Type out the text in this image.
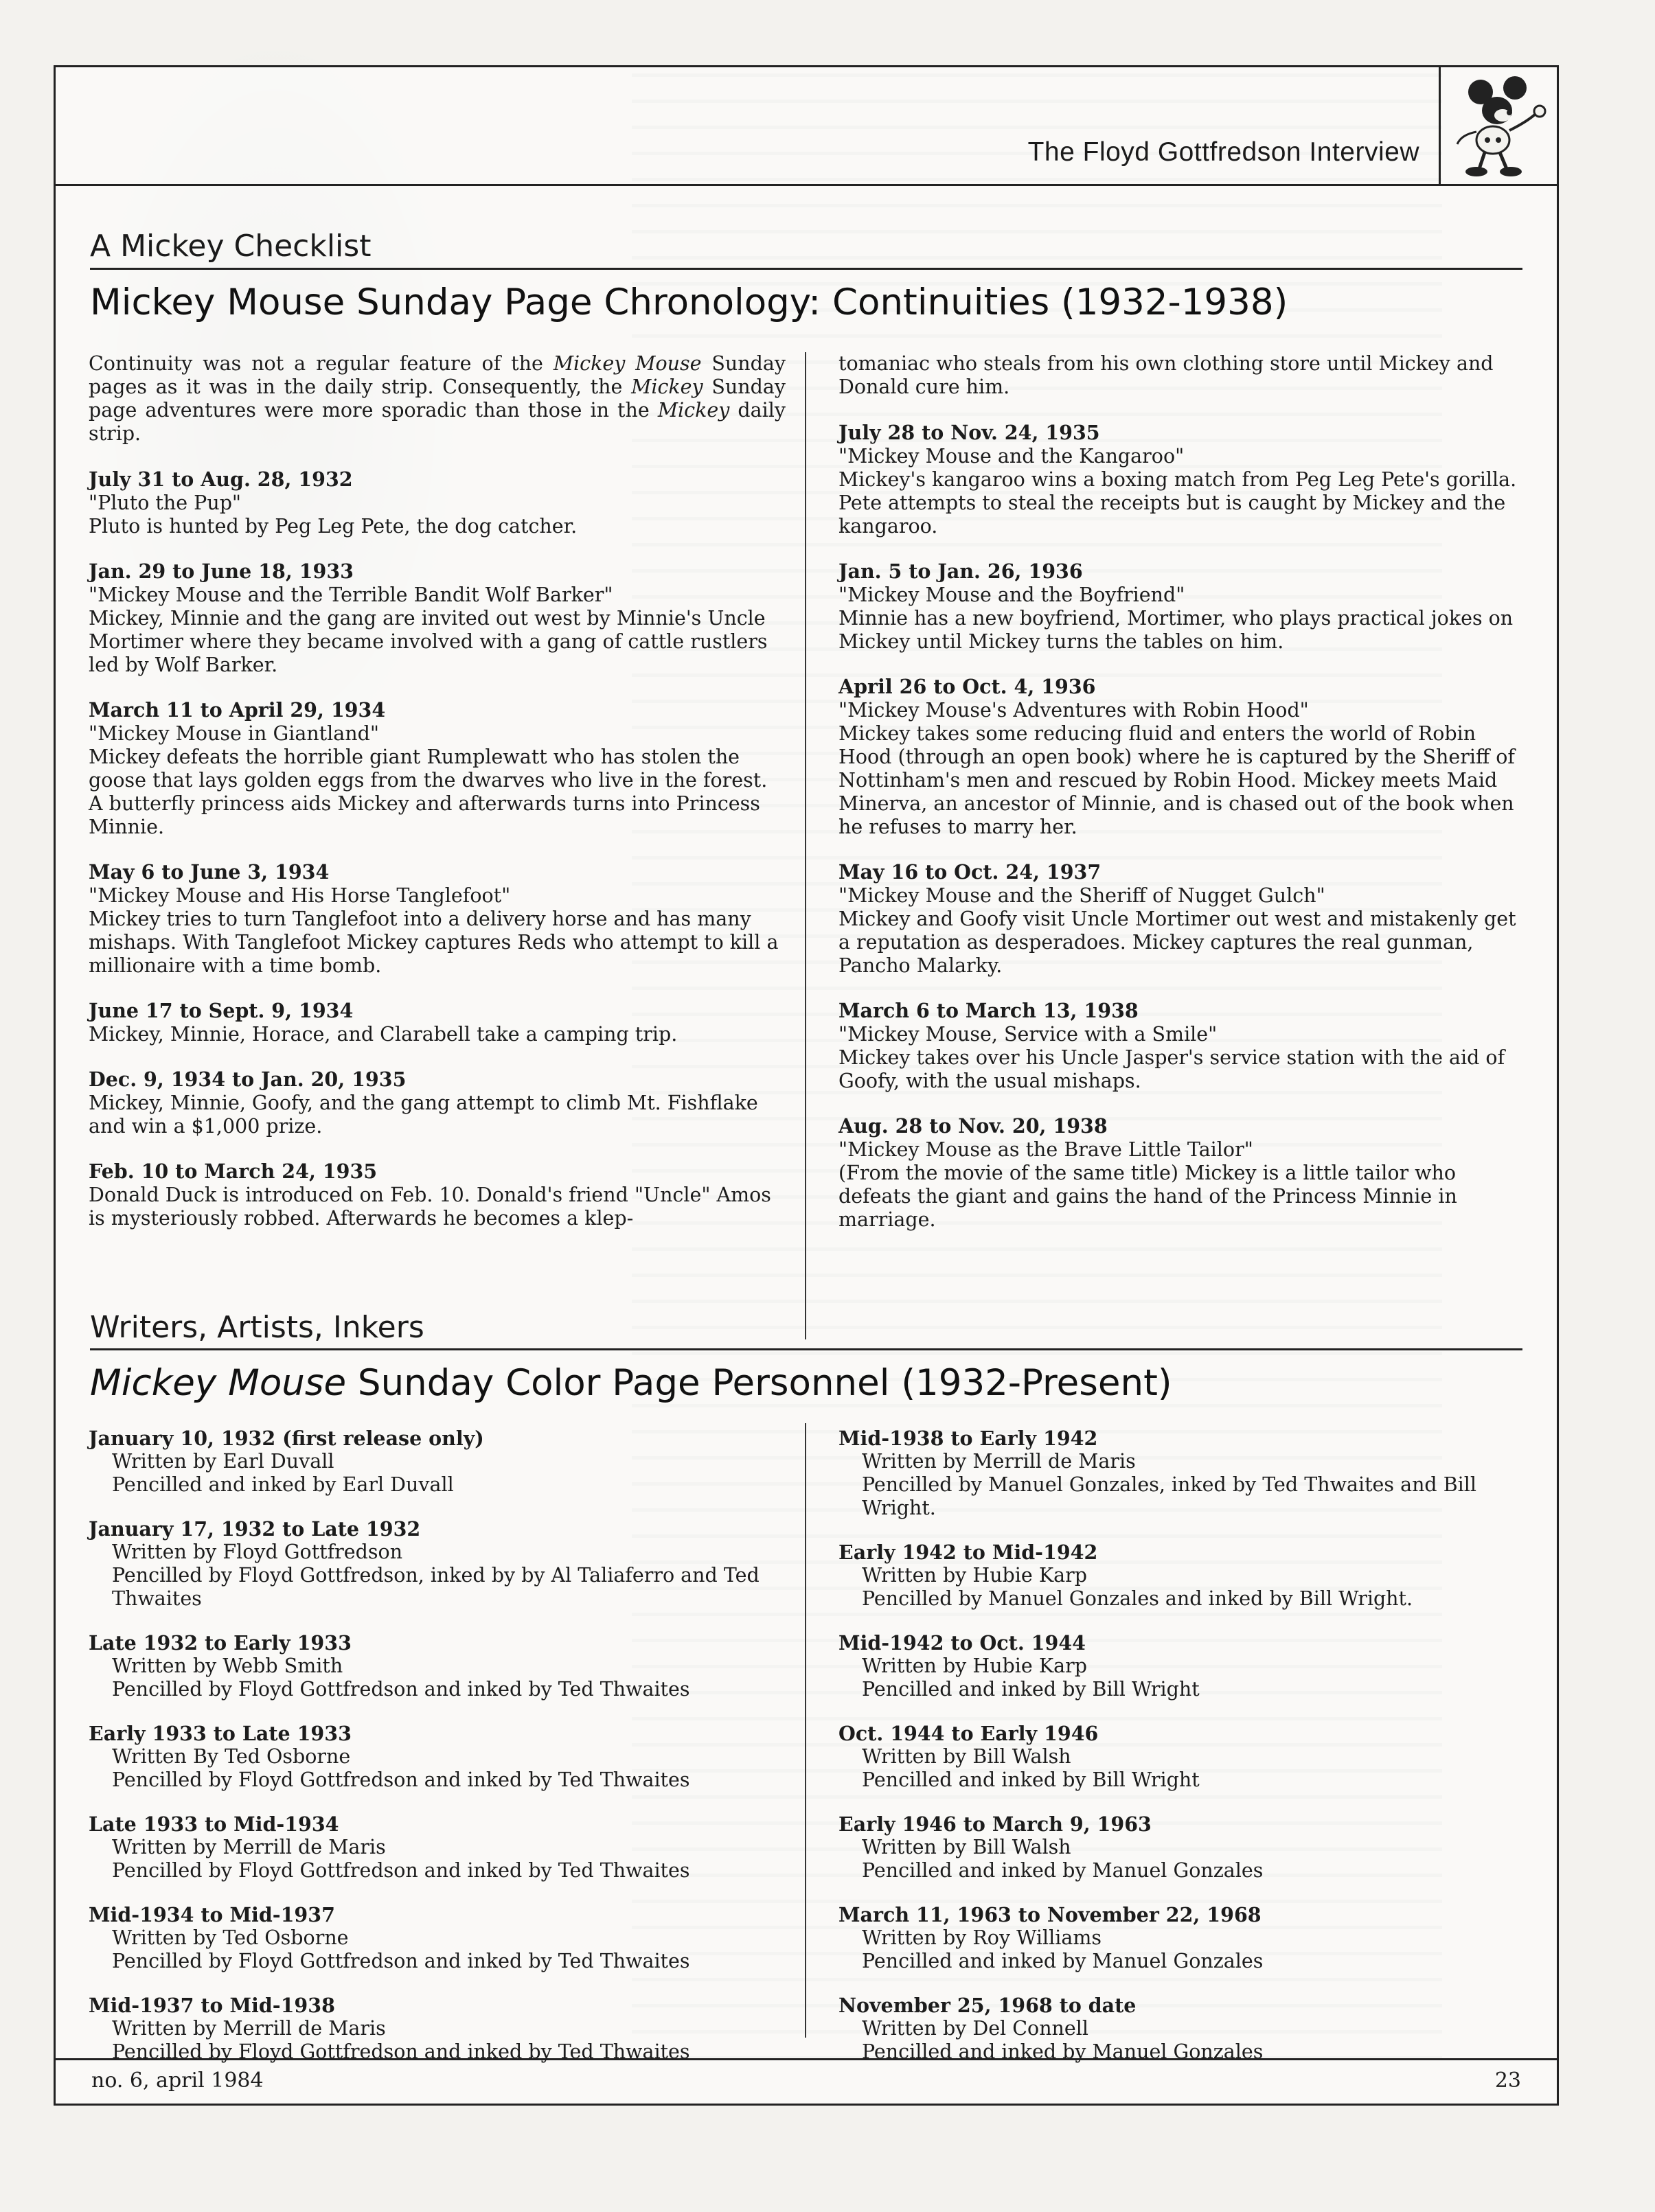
The Floyd Gottfredson Interview
A Mickey Checklist
Mickey Mouse Sunday Page Chronology: Continuities (1932-1938)

Continuity was not a regular feature of the Mickey Mouse Sunday pages as it was in the daily strip. Consequently, the Mickey Sunday page adventures were more sporadic than those in the Mickey daily strip.

July 31 to Aug. 28, 1932
"Pluto the Pup"
Pluto is hunted by Peg Leg Pete, the dog catcher.
Jan. 29 to June 18, 1933
"Mickey Mouse and the Terrible Bandit Wolf Barker"
Mickey, Minnie and the gang are invited out west by Minnie's Uncle Mortimer where they became involved with a gang of cattle rustlers led by Wolf Barker.
March 11 to April 29, 1934
"Mickey Mouse in Giantland"
Mickey defeats the horrible giant Rumplewatt who has stolen the goose that lays golden eggs from the dwarves who live in the forest. A butterfly princess aids Mickey and afterwards turns into Princess Minnie.
May 6 to June 3, 1934
"Mickey Mouse and His Horse Tanglefoot"
Mickey tries to turn Tanglefoot into a delivery horse and has many mishaps. With Tanglefoot Mickey captures Reds who attempt to kill a millionaire with a time bomb.
June 17 to Sept. 9, 1934
Mickey, Minnie, Horace, and Clarabell take a camping trip.
Dec. 9, 1934 to Jan. 20, 1935
Mickey, Minnie, Goofy, and the gang attempt to climb Mt. Fishflake and win a $1,000 prize.
Feb. 10 to March 24, 1935
Donald Duck is introduced on Feb. 10. Donald's friend "Uncle" Amos is mysteriously robbed. Afterwards he becomes a klep-

tomaniac who steals from his own clothing store until Mickey and Donald cure him.

July 28 to Nov. 24, 1935
"Mickey Mouse and the Kangaroo"
Mickey's kangaroo wins a boxing match from Peg Leg Pete's gorilla. Pete attempts to steal the receipts but is caught by Mickey and the kangaroo.
Jan. 5 to Jan. 26, 1936
"Mickey Mouse and the Boyfriend"
Minnie has a new boyfriend, Mortimer, who plays practical jokes on Mickey until Mickey turns the tables on him.
April 26 to Oct. 4, 1936
"Mickey Mouse's Adventures with Robin Hood"
Mickey takes some reducing fluid and enters the world of Robin Hood (through an open book) where he is captured by the Sheriff of Nottinham's men and rescued by Robin Hood. Mickey meets Maid Minerva, an ancestor of Minnie, and is chased out of the book when he refuses to marry her.
May 16 to Oct. 24, 1937
"Mickey Mouse and the Sheriff of Nugget Gulch"
Mickey and Goofy visit Uncle Mortimer out west and mistakenly get a reputation as desperadoes. Mickey captures the real gunman, Pancho Malarky.
March 6 to March 13, 1938
"Mickey Mouse, Service with a Smile"
Mickey takes over his Uncle Jasper's service station with the aid of Goofy, with the usual mishaps.
Aug. 28 to Nov. 20, 1938
"Mickey Mouse as the Brave Little Tailor"
(From the movie of the same title) Mickey is a little tailor who defeats the giant and gains the hand of the Princess Minnie in marriage.
Writers, Artists, Inkers
Mickey Mouse Sunday Color Page Personnel (1932-Present)
January 10, 1932 (first release only)
Written by Earl Duvall
Pencilled and inked by Earl Duvall
January 17, 1932 to Late 1932
Written by Floyd Gottfredson
Pencilled by Floyd Gottfredson, inked by by Al Taliaferro and Ted Thwaites
Late 1932 to Early 1933
Written by Webb Smith
Pencilled by Floyd Gottfredson and inked by Ted Thwaites
Early 1933 to Late 1933
Written By Ted Osborne
Pencilled by Floyd Gottfredson and inked by Ted Thwaites
Late 1933 to Mid-1934
Written by Merrill de Maris
Pencilled by Floyd Gottfredson and inked by Ted Thwaites
Mid-1934 to Mid-1937
Written by Ted Osborne
Pencilled by Floyd Gottfredson and inked by Ted Thwaites
Mid-1937 to Mid-1938
Written by Merrill de Maris
Pencilled by Floyd Gottfredson and inked by Ted Thwaites
Mid-1938 to Early 1942
Written by Merrill de Maris
Pencilled by Manuel Gonzales, inked by Ted Thwaites and Bill Wright.
Early 1942 to Mid-1942
Written by Hubie Karp
Pencilled by Manuel Gonzales and inked by Bill Wright.
Mid-1942 to Oct. 1944
Written by Hubie Karp
Pencilled and inked by Bill Wright
Oct. 1944 to Early 1946
Written by Bill Walsh
Pencilled and inked by Bill Wright
Early 1946 to March 9, 1963
Written by Bill Walsh
Pencilled and inked by Manuel Gonzales
March 11, 1963 to November 22, 1968
Written by Roy Williams
Pencilled and inked by Manuel Gonzales
November 25, 1968 to date
Written by Del Connell
Pencilled and inked by Manuel Gonzales
no. 6, april 1984	23
